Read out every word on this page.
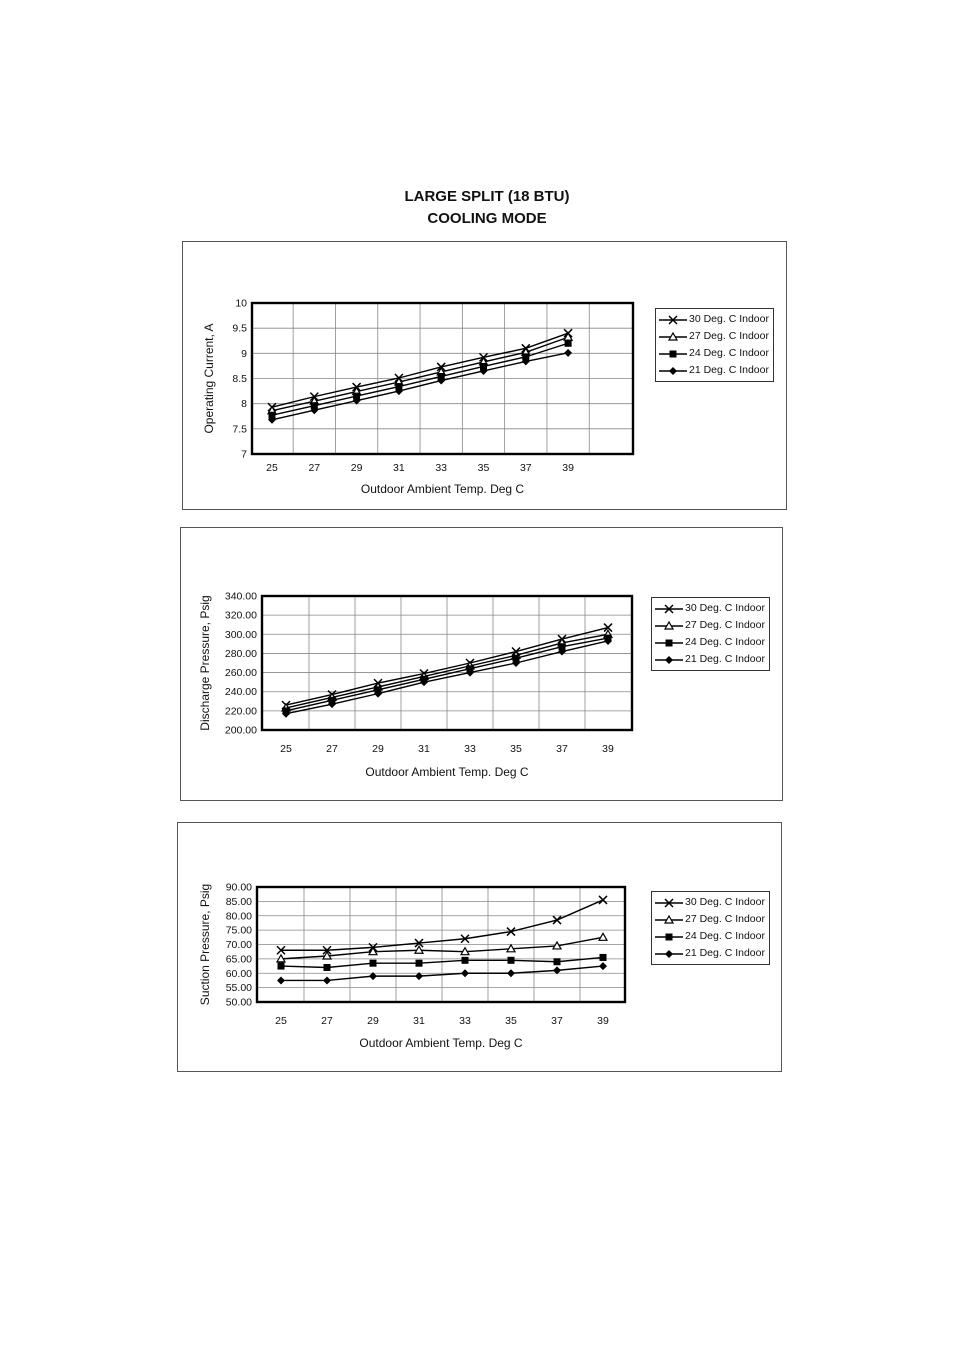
LARGE SPLIT (18 BTU)
COOLING MODE
7
7.5
8
8.5
9
9.5
10
25	27	29	31	33	35	37	39
Outdoor Ambient Temp. Deg C
Operating Current, A
30 Deg. C Indoor
27 Deg. C Indoor
24 Deg. C Indoor
21 Deg. C Indoor
200.00
220.00
240.00
260.00
280.00
300.00
320.00
340.00
25	27	29	31	33	35	37	39
Outdoor Ambient Temp. Deg C
Discharge Pressure, Psig	30 Deg. C Indoor
27 Deg. C Indoor
24 Deg. C Indoor
21 Deg. C Indoor
50.00
55.00
60.00
65.00
70.00
75.00
80.00
85.00
90.00
25	27	29	31	33	35	37	39
Outdoor Ambient Temp. Deg C
Suction Pressure, Psig	30 Deg. C Indoor
27 Deg. C Indoor
24 Deg. C Indoor
21 Deg. C Indoor
